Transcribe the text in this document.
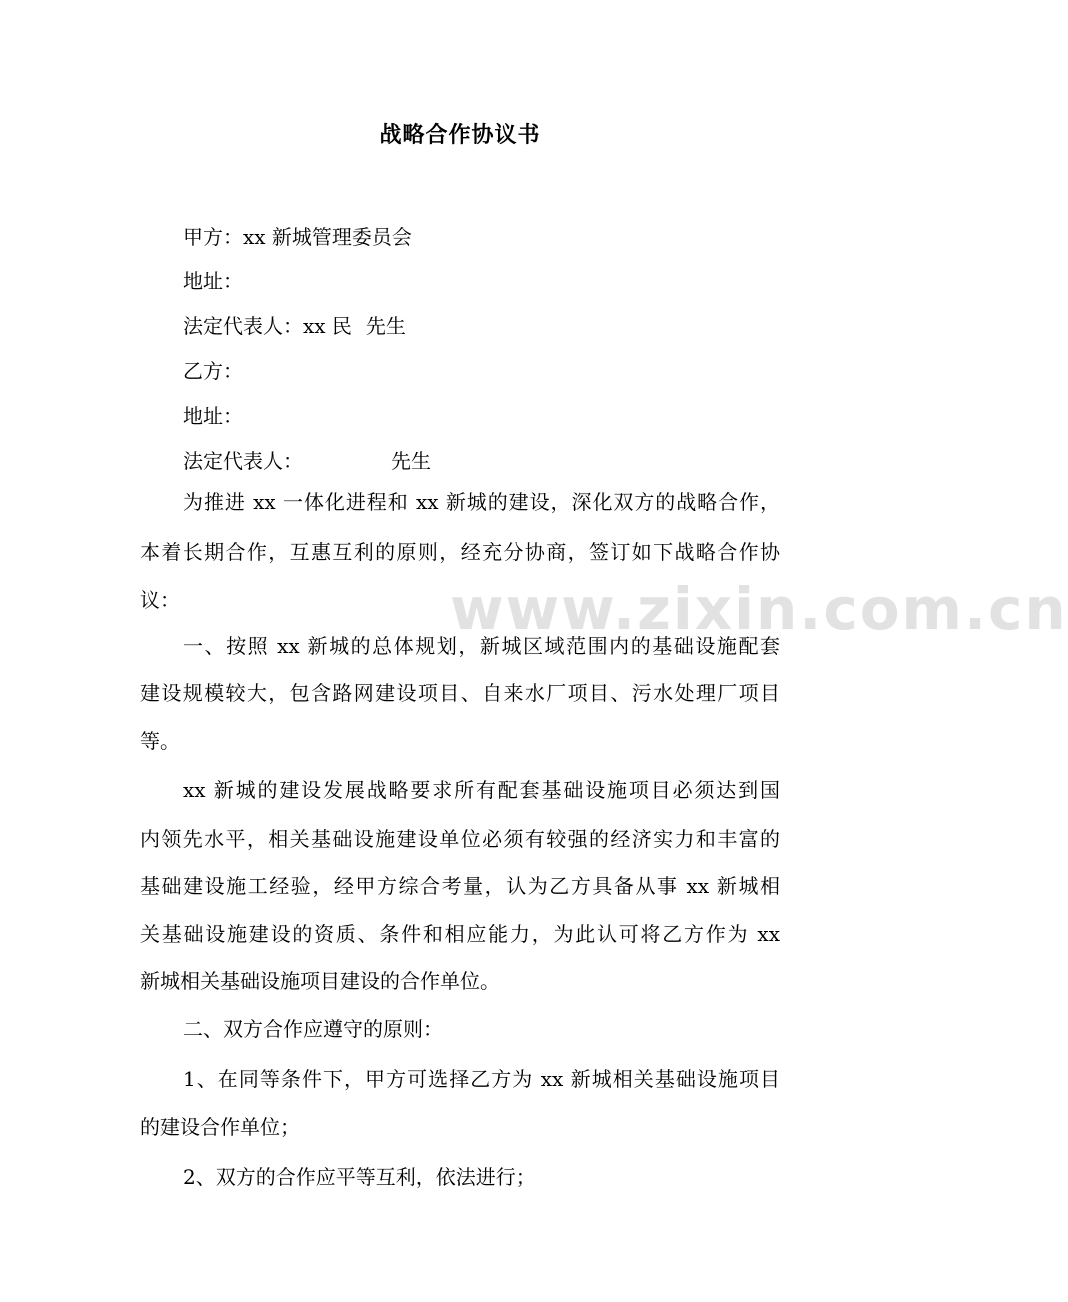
www.zixin.com.cn
战略合作协议书
甲方：xx 新城管理委员会
地址：
法定代表人：xx 民 先生
乙方：
地址：
法定代表人：	先生
为推进 xx 一体化进程和 xx 新城的建设，深化双方的战略合作，
本着长期合作，互惠互利的原则，经充分协商，签订如下战略合作协
议：
一、按照 xx 新城的总体规划，新城区域范围内的基础设施配套
建设规模较大，包含路网建设项目、自来水厂项目、污水处理厂项目
等。
xx 新城的建设发展战略要求所有配套基础设施项目必须达到国
内领先水平，相关基础设施建设单位必须有较强的经济实力和丰富的
基础建设施工经验，经甲方综合考量，认为乙方具备从事 xx 新城相
关基础设施建设的资质、条件和相应能力，为此认可将乙方作为 xx
新城相关基础设施项目建设的合作单位。
二、双方合作应遵守的原则：
1、在同等条件下，甲方可选择乙方为 xx 新城相关基础设施项目
的建设合作单位；
2、双方的合作应平等互利，依法进行；
